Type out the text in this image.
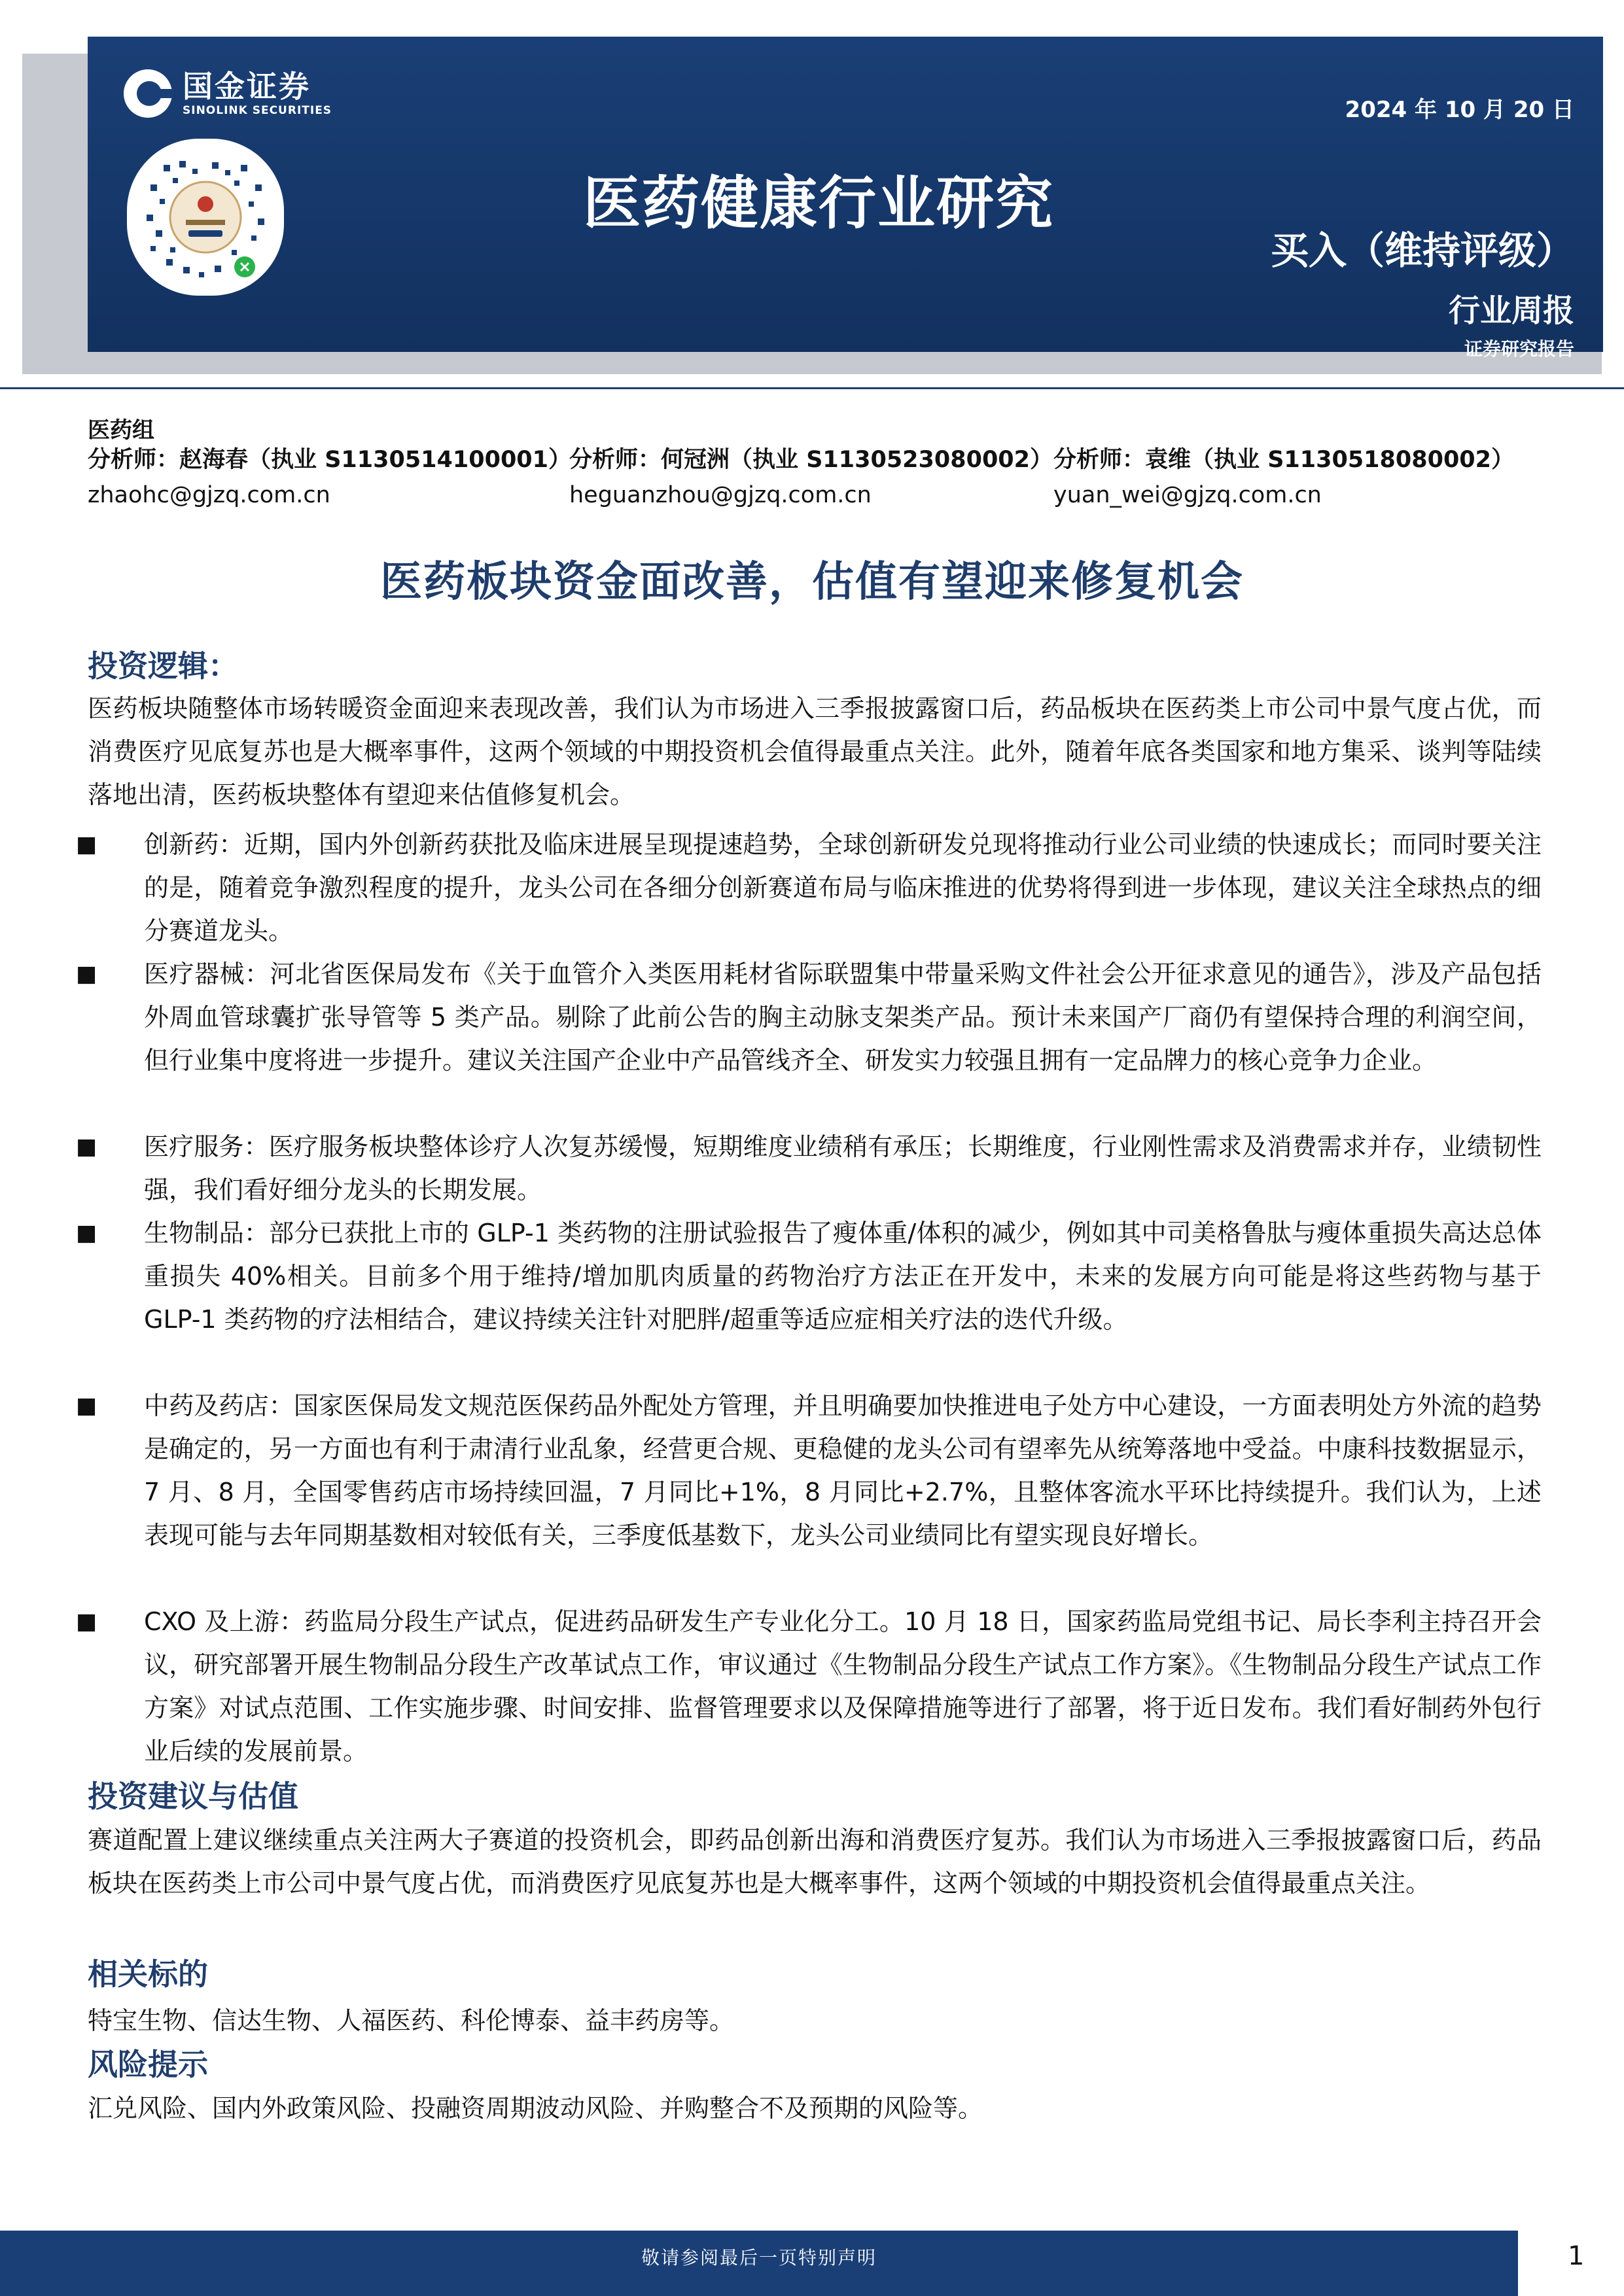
国金证券
SINOLINK SECURITIES	2024 年 10 月 20 日
医药健康行业研究
买入（维持评级）
行业周报
证券研究报告
医药组
分析师：赵海春（执业 S1130514100001）
zhaohc@gjzq.com.cn
分析师：何冠洲（执业 S1130523080002）
heguanzhou@gjzq.com.cn
分析师：袁维（执业 S1130518080002）
yuan_wei@gjzq.com.cn
医药板块资金面改善，估值有望迎来修复机会
投资逻辑：
医药板块随整体市场转暖资金面迎来表现改善，我们认为市场进入三季报披露窗口后，药品板块在医药类上市公司中景气度占优，而消费医疗见底复苏也是大概率事件，这两个领域的中期投资机会值得最重点关注。此外，随着年底各类国家和地方集采、谈判等陆续落地出清，医药板块整体有望迎来估值修复机会。
■ 创新药：近期，国内外创新药获批及临床进展呈现提速趋势，全球创新研发兑现将推动行业公司业绩的快速成长；而同时要关注的是，随着竞争激烈程度的提升，龙头公司在各细分创新赛道布局与临床推进的优势将得到进一步体现，建议关注全球热点的细分赛道龙头。
■ 医疗器械：河北省医保局发布《关于血管介入类医用耗材省际联盟集中带量采购文件社会公开征求意见的通告》，涉及产品包括外周血管球囊扩张导管等 5 类产品。剔除了此前公告的胸主动脉支架类产品。预计未来国产厂商仍有望保持合理的利润空间，但行业集中度将进一步提升。建议关注国产企业中产品管线齐全、研发实力较强且拥有一定品牌力的核心竞争力企业。
■ 医疗服务：医疗服务板块整体诊疗人次复苏缓慢，短期维度业绩稍有承压；长期维度，行业刚性需求及消费需求并存，业绩韧性强，我们看好细分龙头的长期发展。
■ 生物制品：部分已获批上市的 GLP-1 类药物的注册试验报告了瘦体重/体积的减少，例如其中司美格鲁肽与瘦体重损失高达总体重损失 40%相关。目前多个用于维持/增加肌肉质量的药物治疗方法正在开发中，未来的发展方向可能是将这些药物与基于 GLP-1 类药物的疗法相结合，建议持续关注针对肥胖/超重等适应症相关疗法的迭代升级。
■ 中药及药店：国家医保局发文规范医保药品外配处方管理，并且明确要加快推进电子处方中心建设，一方面表明处方外流的趋势是确定的，另一方面也有利于肃清行业乱象，经营更合规、更稳健的龙头公司有望率先从统筹落地中受益。中康科技数据显示， 7 月、8 月，全国零售药店市场持续回温，7 月同比+1%，8 月同比+2.7%，且整体客流水平环比持续提升。我们认为，上述表现可能与去年同期基数相对较低有关，三季度低基数下，龙头公司业绩同比有望实现良好增长。
■ CXO 及上游：药监局分段生产试点，促进药品研发生产专业化分工。10 月 18 日，国家药监局党组书记、局长李利主持召开会议，研究部署开展生物制品分段生产改革试点工作，审议通过《生物制品分段生产试点工作方案》。《生物制品分段生产试点工作方案》对试点范围、工作实施步骤、时间安排、监督管理要求以及保障措施等进行了部署，将于近日发布。我们看好制药外包行业后续的发展前景。
投资建议与估值
赛道配置上建议继续重点关注两大子赛道的投资机会，即药品创新出海和消费医疗复苏。我们认为市场进入三季报披露窗口后，药品板块在医药类上市公司中景气度占优，而消费医疗见底复苏也是大概率事件，这两个领域的中期投资机会值得最重点关注。
相关标的
特宝生物、信达生物、人福医药、科伦博泰、益丰药房等。
风险提示
汇兑风险、国内外政策风险、投融资周期波动风险、并购整合不及预期的风险等。
敬请参阅最后一页特别声明	1
